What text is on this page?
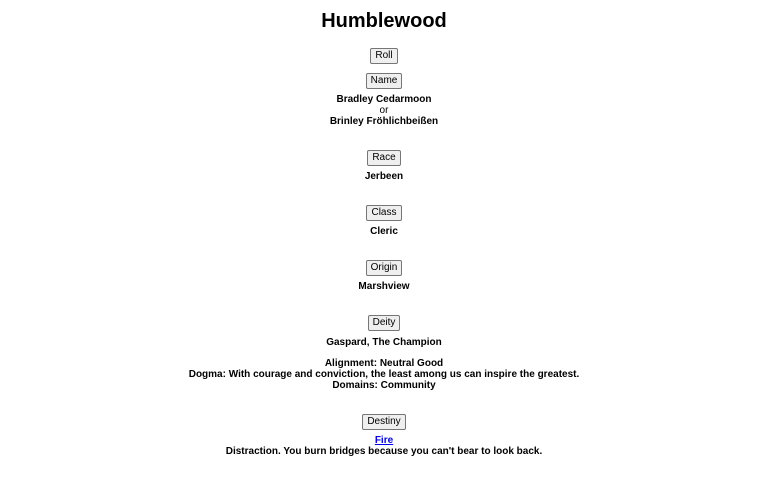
Humblewood
Roll
Name
Bradley Cedarmoon
or
Brinley Fröhlichbeißen
Race
Jerbeen
Class
Cleric
Origin
Marshview
Deity
Gaspard, The Champion
Alignment: Neutral Good
Dogma: With courage and conviction, the least among us can inspire the greatest.
Domains: Community
Destiny
Fire
Distraction. You burn bridges because you can't bear to look back.
